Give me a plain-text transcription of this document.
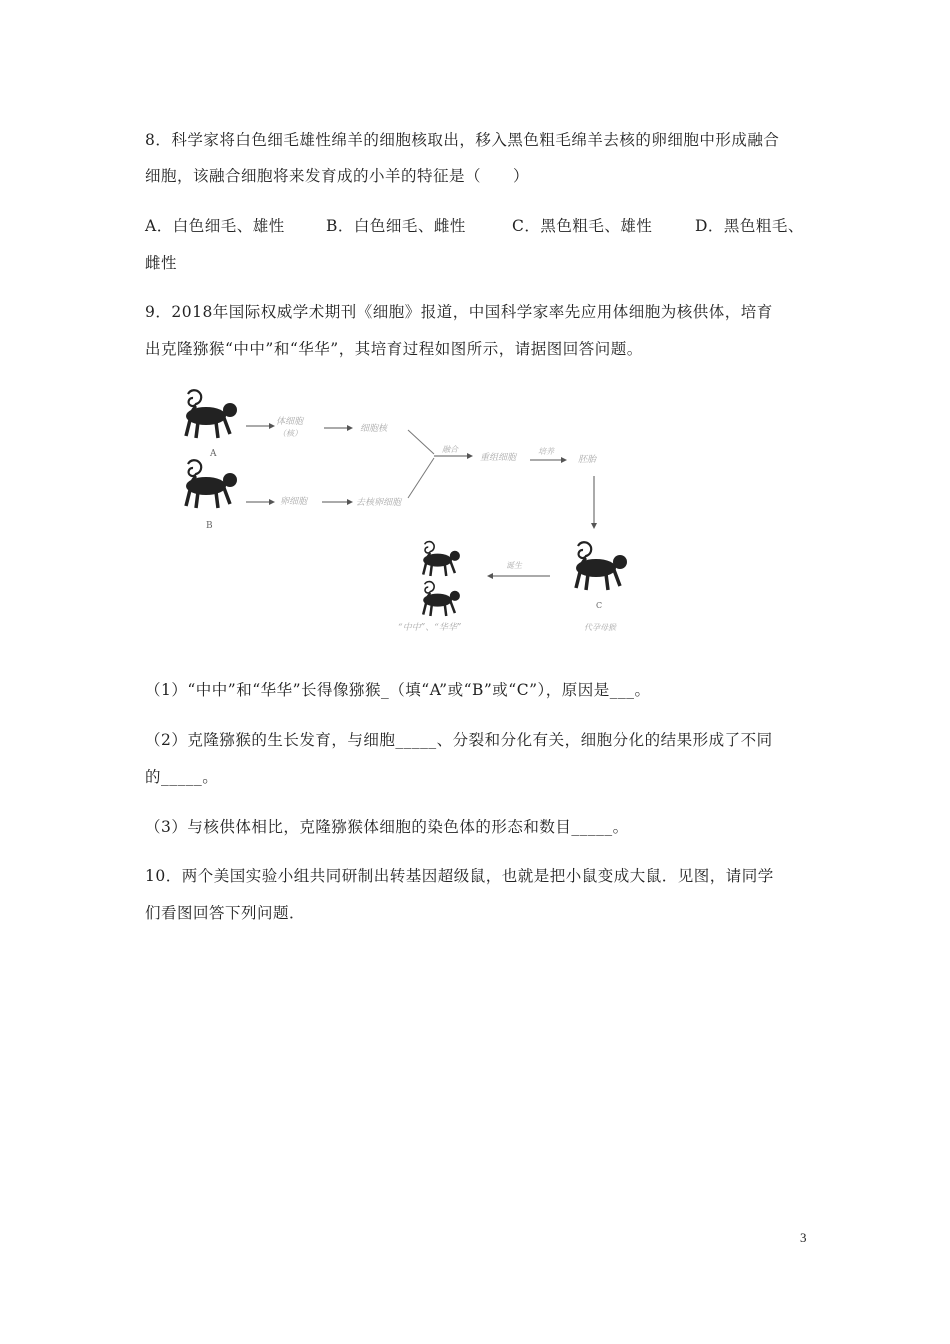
8．科学家将白色细毛雄性绵羊的细胞核取出，移入黑色粗毛绵羊去核的卵细胞中形成融合
细胞，该融合细胞将来发育成的小羊的特征是（　　）
A．白色细毛、雄性	B．白色细毛、雌性	C．黑色粗毛、雄性	D．黑色粗毛、
雌性
9．2018年国际权威学术期刊《细胞》报道，中国科学家率先应用体细胞为核供体，培育
出克隆猕猴“中中”和“华华”，其培育过程如图所示，请据图回答问题。
A
B
体细胞
（核）	细胞核
卵细胞	去核卵细胞
融合
重组细胞
培养
胚胎
C
代孕母猴
诞生
“中中”、“华华”
（1）“中中”和“华华”长得像猕猴_（填“A”或“B”或“C”），原因是___。
（2）克隆猕猴的生长发育，与细胞_____、分裂和分化有关，细胞分化的结果形成了不同
的_____。
（3）与核供体相比，克隆猕猴体细胞的染色体的形态和数目_____。
10．两个美国实验小组共同研制出转基因超级鼠，也就是把小鼠变成大鼠．见图，请同学
们看图回答下列问题．
3
